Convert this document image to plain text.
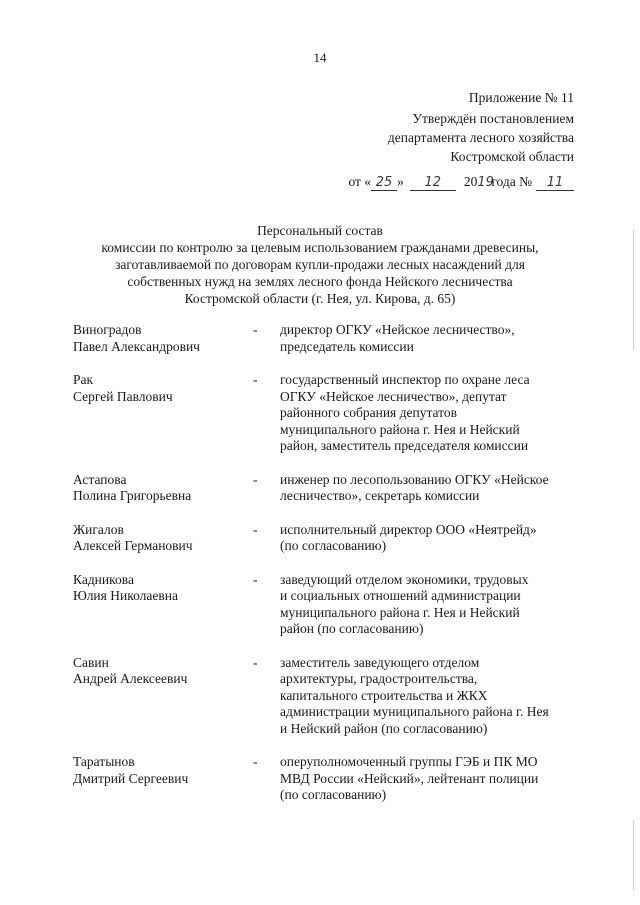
14
Приложение № 11
Утверждён постановлением
департамента лесного хозяйства
Костромской области
от « 25 »	12	20 19
года №	11
Персональный состав
комиссии по контролю за целевым использованием гражданами древесины,
заготавливаемой по договорам купли-продажи лесных насаждений для
собственных нужд на землях лесного фонда Нейского лесничества
Костромской области (г. Нея, ул. Кирова, д. 65)
Виноградов
Павел Александрович
-	директор ОГКУ «Нейское лесничество»,
председатель комиссии
Рак
Сергей Павлович
-	государственный инспектор по охране леса
ОГКУ «Нейское лесничество», депутат
районного собрания депутатов
муниципального района г. Нея и Нейский
район, заместитель председателя комиссии
Астапова
Полина Григорьевна
-	инженер по лесопользованию ОГКУ «Нейское
лесничество», секретарь комиссии
Жигалов
Алексей Германович
-	исполнительный директор ООО «Неятрейд»
(по согласованию)
Кадникова
Юлия Николаевна
-	заведующий отделом экономики, трудовых
и социальных отношений администрации
муниципального района г. Нея и Нейский
район (по согласованию)
Савин
Андрей Алексеевич
-	заместитель заведующего отделом
архитектуры, градостроительства,
капитального строительства и ЖКХ
администрации муниципального района г. Нея
и Нейский район (по согласованию)
Таратынов
Дмитрий Сергеевич
-	оперуполномоченный группы ГЭБ и ПК МО
МВД России «Нейский», лейтенант полиции
(по согласованию)
